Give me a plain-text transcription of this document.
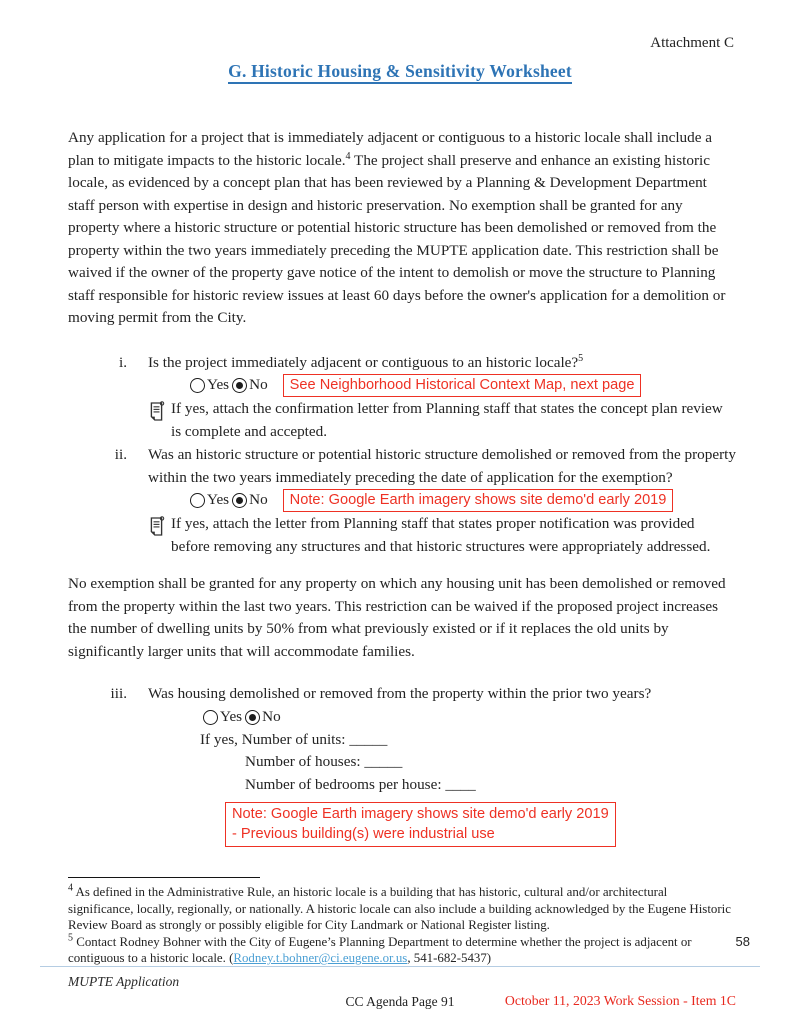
Attachment C
G. Historic Housing & Sensitivity Worksheet
Any application for a project that is immediately adjacent or contiguous to a historic locale shall include a plan to mitigate impacts to the historic locale.$^4$ The project shall preserve and enhance an existing historic locale, as evidenced by a concept plan that has been reviewed by a Planning & Development Department staff person with expertise in design and historic preservation. No exemption shall be granted for any property where a historic structure or potential historic structure has been demolished or removed from the property within the two years immediately preceding the MUPTE application date. This restriction shall be waived if the owner of the property gave notice of the intent to demolish or move the structure to Planning staff responsible for historic review issues at least 60 days before the owner's application for a demolition or moving permit from the City.
i.	Is the project immediately adjacent or contiguous to an historic locale?$^5$
Yes No	See Neighborhood Historical Context Map, next page
If yes, attach the confirmation letter from Planning staff that states the concept plan review is complete and accepted.
ii.	Was an historic structure or potential historic structure demolished or removed from the property within the two years immediately preceding the date of application for the exemption?
Yes No	Note: Google Earth imagery shows site demo'd early 2019
If yes, attach the letter from Planning staff that states proper notification was provided before removing any structures and that historic structures were appropriately addressed.
No exemption shall be granted for any property on which any housing unit has been demolished or removed from the property within the last two years. This restriction can be waived if the proposed project increases the number of dwelling units by 50% from what previously existed or if it replaces the old units by significantly larger units that will accommodate families.
iii.	Was housing demolished or removed from the property within the prior two years?
Yes No
If yes, Number of units: _____
Number of houses: _____
Number of bedrooms per house: ____
Note: Google Earth imagery shows site demo'd early 2019
- Previous building(s) were industrial use
$^4$ As defined in the Administrative Rule, an historic locale is a building that has historic, cultural and/or architectural significance, locally, regionally, or nationally. A historic locale can also include a building acknowledged by the Eugene Historic Review Board as strongly or possibly eligible for City Landmark or National Register listing.
$^5$ Contact Rodney Bohner with the City of Eugene’s Planning Department to determine whether the project is adjacent or contiguous to a historic locale. (Rodney.t.bohner@ci.eugene.or.us, 541-682-5437)
58
MUPTE Application
CC Agenda Page 91	October 11, 2023 Work Session - Item 1C
